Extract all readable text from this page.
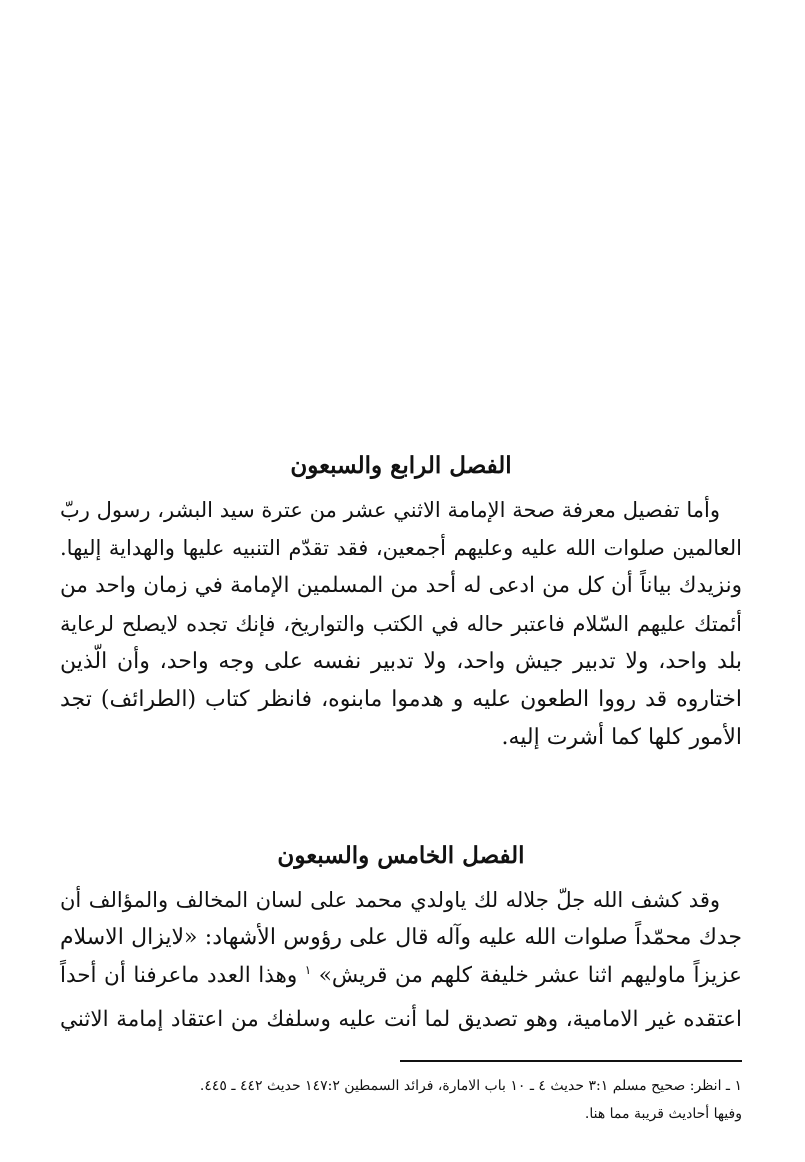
الفصل الرابع والسبعون
وأما تفصيل معرفة صحة الإمامة الاثني عشر من عترة سيد البشر، رسول ربّ
العالمين صلوات الله عليه وعليهم أجمعين، فقد تقدّم التنبيه عليها والهداية إليها.
ونزيدك بياناً أن كل من ادعى له أحد من المسلمين الإمامة في زمان واحد من
أئمتك عليهم السّلام فاعتبر حاله في الكتب والتواريخ، فإنك تجده لايصلح لرعاية
بلد واحد، ولا تدبير جيش واحد، ولا تدبير نفسه على وجه واحد، وأن الّذين
اختاروه قد رووا الطعون عليه و هدموا مابنوه، فانظر كتاب (الطرائف) تجد
الأمور كلها كما أشرت إليه.
الفصل الخامس والسبعون
وقد كشف الله جلّ جلاله لك ياولدي محمد على لسان المخالف والمؤالف أن
جدك محمّداً صلوات الله عليه وآله قال على رؤوس الأشهاد: «لايزال الاسلام
عزيزاً ماوليهم اثنا عشر خليفة كلهم من قريش» $^١$ وهذا العدد ماعرفنا أن أحداً
اعتقده غير الامامية، وهو تصديق لما أنت عليه وسلفك من اعتقاد إمامة الاثني
١ ـ انظر: صحيح مسلم ٣:١ حديث ٤ ـ ١٠ باب الامارة، فرائد السمطين ١٤٧:٢ حديث ٤٤٢ ـ ٤٤٥.
وفيها أحاديث قريبة مما هنا.
